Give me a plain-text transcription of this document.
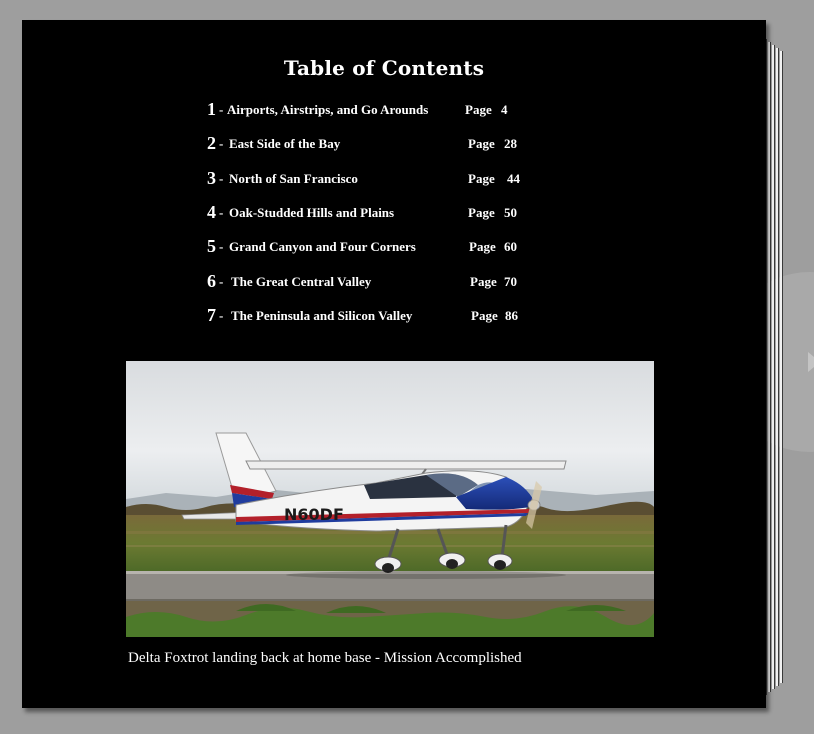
Table of Contents
1 - Airports, Airstrips, and Go Arounds	Page 4
2 - East Side of the Bay	Page 28
3 - North of San Francisco	Page 44
4 - Oak-Studded Hills and Plains	Page 50
5 - Grand Canyon and Four Corners	Page 60
6 - The Great Central Valley	Page 70
7 - The Peninsula and Silicon Valley	Page 86
N60DF
Delta Foxtrot landing back at home base - Mission Accomplished
